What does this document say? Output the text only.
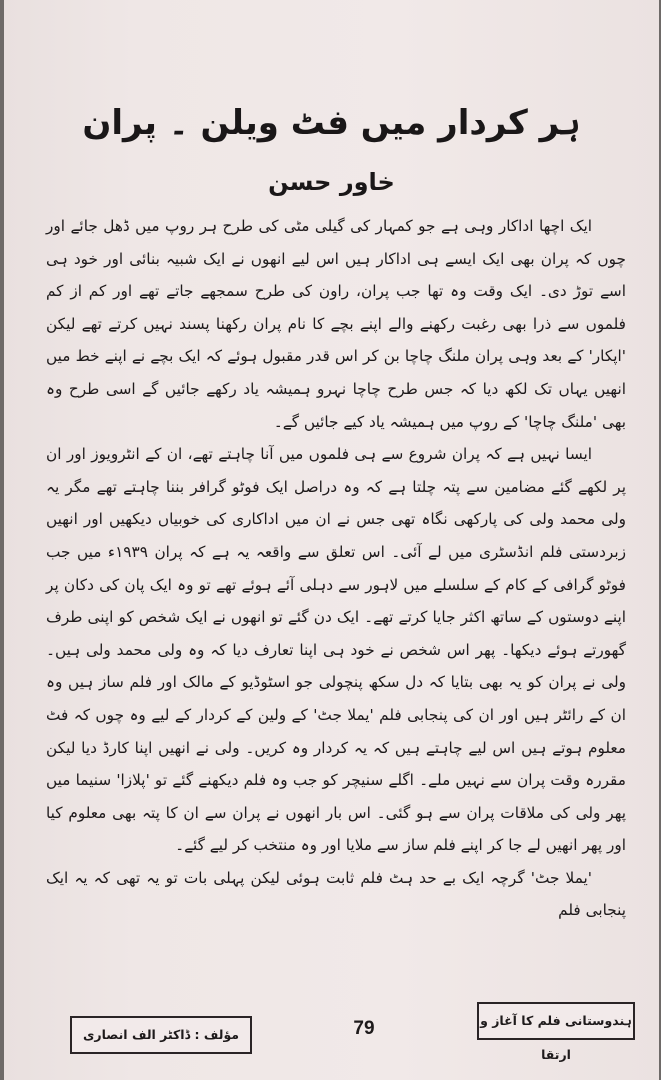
ہر کردار میں فٹ ویلن ۔ پران
خاور حسن

ایک اچھا اداکار وہی ہے جو کمہار کی گیلی مٹی کی طرح ہر روپ میں ڈھل جائے اور چوں کہ پران بھی ایک ایسے ہی اداکار ہیں اس لیے انھوں نے ایک شبیہ بنائی اور خود ہی اسے توڑ دی۔ ایک وقت وہ تھا جب پران، راون کی طرح سمجھے جاتے تھے اور کم از کم فلموں سے ذرا بھی رغبت رکھنے والے اپنے بچے کا نام پران رکھنا پسند نہیں کرتے تھے لیکن 'اپکار' کے بعد وہی پران ملنگ چاچا بن کر اس قدر مقبول ہوئے کہ ایک بچے نے اپنے خط میں انھیں یہاں تک لکھ دیا کہ جس طرح چاچا نہرو ہمیشہ یاد رکھے جائیں گے اسی طرح وہ بھی 'ملنگ چاچا' کے روپ میں ہمیشہ یاد کیے جائیں گے۔

ایسا نہیں ہے کہ پران شروع سے ہی فلموں میں آنا چاہتے تھے، ان کے انٹرویوز اور ان پر لکھے گئے مضامین سے پتہ چلتا ہے کہ وہ دراصل ایک فوٹو گرافر بننا چاہتے تھے مگر یہ ولی محمد ولی کی پارکھی نگاہ تھی جس نے ان میں اداکاری کی خوبیاں دیکھیں اور انھیں زبردستی فلم انڈسٹری میں لے آئی۔ اس تعلق سے واقعہ یہ ہے کہ پران ۱۹۳۹ء میں جب فوٹو گرافی کے کام کے سلسلے میں لاہور سے دہلی آئے ہوئے تھے تو وہ ایک پان کی دکان پر اپنے دوستوں کے ساتھ اکثر جایا کرتے تھے۔ ایک دن گئے تو انھوں نے ایک شخص کو اپنی طرف گھورتے ہوئے دیکھا۔ پھر اس شخص نے خود ہی اپنا تعارف دیا کہ وہ ولی محمد ولی ہیں۔ ولی نے پران کو یہ بھی بتایا کہ دل سکھ پنچولی جو اسٹوڈیو کے مالک اور فلم ساز ہیں وہ ان کے رائٹر ہیں اور ان کی پنجابی فلم 'یملا جٹ' کے ولین کے کردار کے لیے وہ چوں کہ فٹ معلوم ہوتے ہیں اس لیے چاہتے ہیں کہ یہ کردار وہ کریں۔ ولی نے انھیں اپنا کارڈ دیا لیکن مقررہ وقت پران سے نہیں ملے۔ اگلے سنیچر کو جب وہ فلم دیکھنے گئے تو 'پلازا' سنیما میں پھر ولی کی ملاقات پران سے ہو گئی۔ اس بار انھوں نے پران سے ان کا پتہ بھی معلوم کیا اور پھر انھیں لے جا کر اپنے فلم ساز سے ملایا اور وہ منتخب کر لیے گئے۔

'یملا جٹ' گرچہ ایک بے حد ہٹ فلم ثابت ہوئی لیکن پہلی بات تو یہ تھی کہ یہ ایک پنجابی فلم

ہندوستانی فلم کا آغاز و ارتقا
79
مؤلف : ڈاکٹر الف انصاری
